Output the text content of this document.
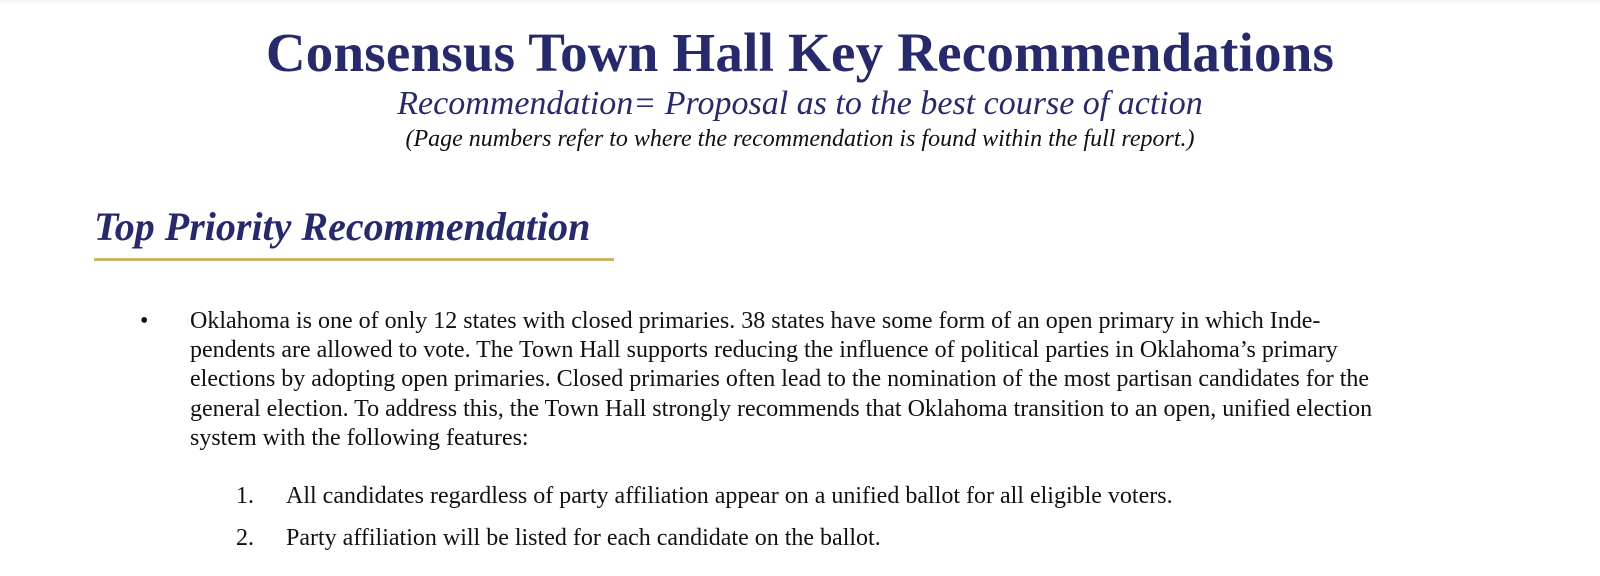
Consensus Town Hall Key Recommendations
Recommendation= Proposal as to the best course of action
(Page numbers refer to where the recommendation is found within the full report.)
Top Priority Recommendation
• Oklahoma is one of only 12 states with closed primaries. 38 states have some form of an open primary in which Inde-
pendents are allowed to vote. The Town Hall supports reducing the influence of political parties in Oklahoma’s primary
elections by adopting open primaries. Closed primaries often lead to the nomination of the most partisan candidates for the
general election. To address this, the Town Hall strongly recommends that Oklahoma transition to an open, unified election
system with the following features:
1. All candidates regardless of party affiliation appear on a unified ballot for all eligible voters.
2. Party affiliation will be listed for each candidate on the ballot.
